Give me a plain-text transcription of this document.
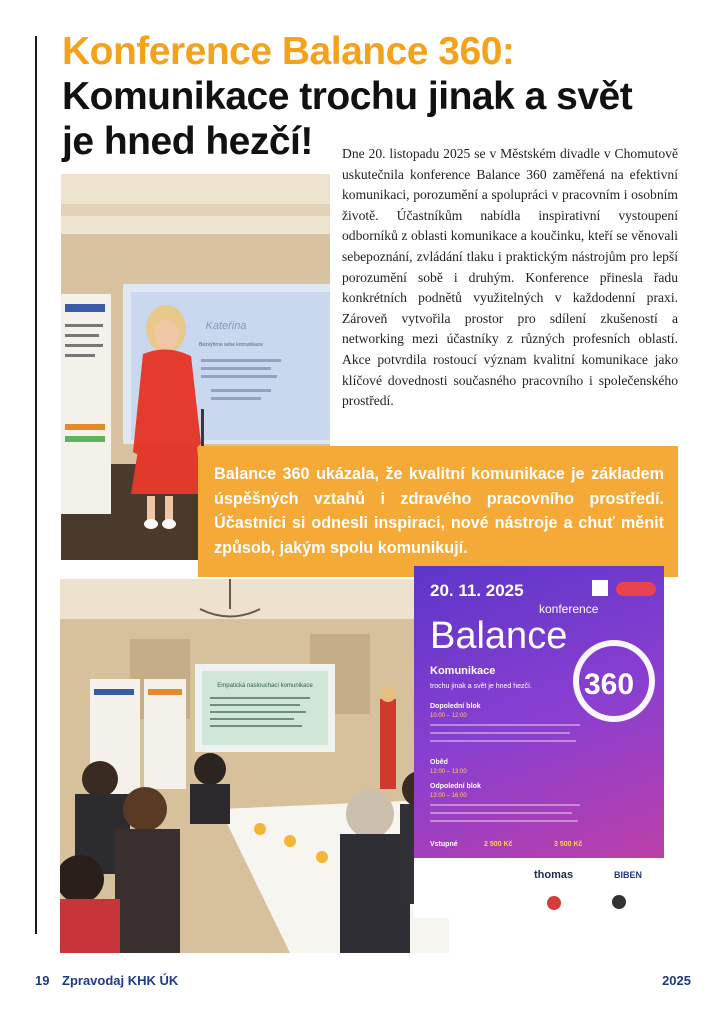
Konference Balance 360:
Komunikace trochu jinak a svět
je hned hezčí!	Dne 20. listopadu 2025 se v Městském divadle v Chomutově uskutečnila konference Balance 360 zaměřená na efektivní komunikaci, porozumění a spolupráci v pracovním i osobním životě. Účastníkům nabídla inspirativní vystoupení odborníků z oblasti komunikace a koučinku, kteří se věnovali sebepoznání, zvládání tlaku i praktickým nástrojům pro lepší porozumění sobě i druhým. Konference přinesla řadu konkrétních podnětů využitelných v každodenní praxi. Zároveň vytvořila prostor pro sdílení zkušeností a networking mezi účastníky z různých profesních oblastí. Akce potvrdila rostoucí význam kvalitní komunikace jako klíčové dovednosti současného pracovního i společenského prostředí.

Kateřina
Bezvýhrne sebe komunikace

Balance 360 ukázala, že kvalitní komunikace je základem úspěšných vztahů i zdravého pracovního prostředí. Účastníci si odnesli inspiraci, nové nástroje a chuť měnit způsob, jakým spolu komunikují.

Empatická naslouchací komunikace
20. 11. 2025
konference
Balance
360
Komunikace
trochu jinak a svět je hned hezčí.
Dopolední blok
10:00 – 12:00
Oběd
12:00 – 13:00
Odpolední blok
13:00 – 16:00
Vstupné	2 500 Kč	3 500 Kč
thomas	BIBEN
19 Zpravodaj KHK ÚK	2025
